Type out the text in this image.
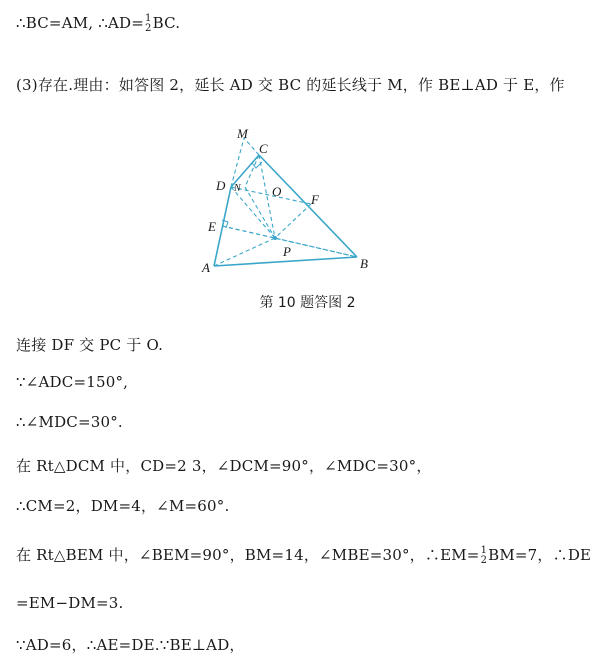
∴BC=AM, ∴AD= 1
2 BC.
(3)存在.理由：如答图 2，延长 AD 交 BC 的延长线于 M，作 BE⊥AD 于 E，作
M
C
D N O
F
E
P
A	B
第 10 题答图 2
连接 DF 交 PC 于 O.
∵∠ADC=150°,
∴∠MDC=30°.
在 Rt△DCM 中，CD=2 3，∠DCM=90°，∠MDC=30°，
∴CM=2，DM=4，∠M=60°.
在 Rt△BEM 中，∠BEM=90°，BM=14，∠MBE=30°，∴EM= 1
2 BM=7，∴DE
=EM−DM=3.
∵AD=6，∴AE=DE.∵BE⊥AD，
